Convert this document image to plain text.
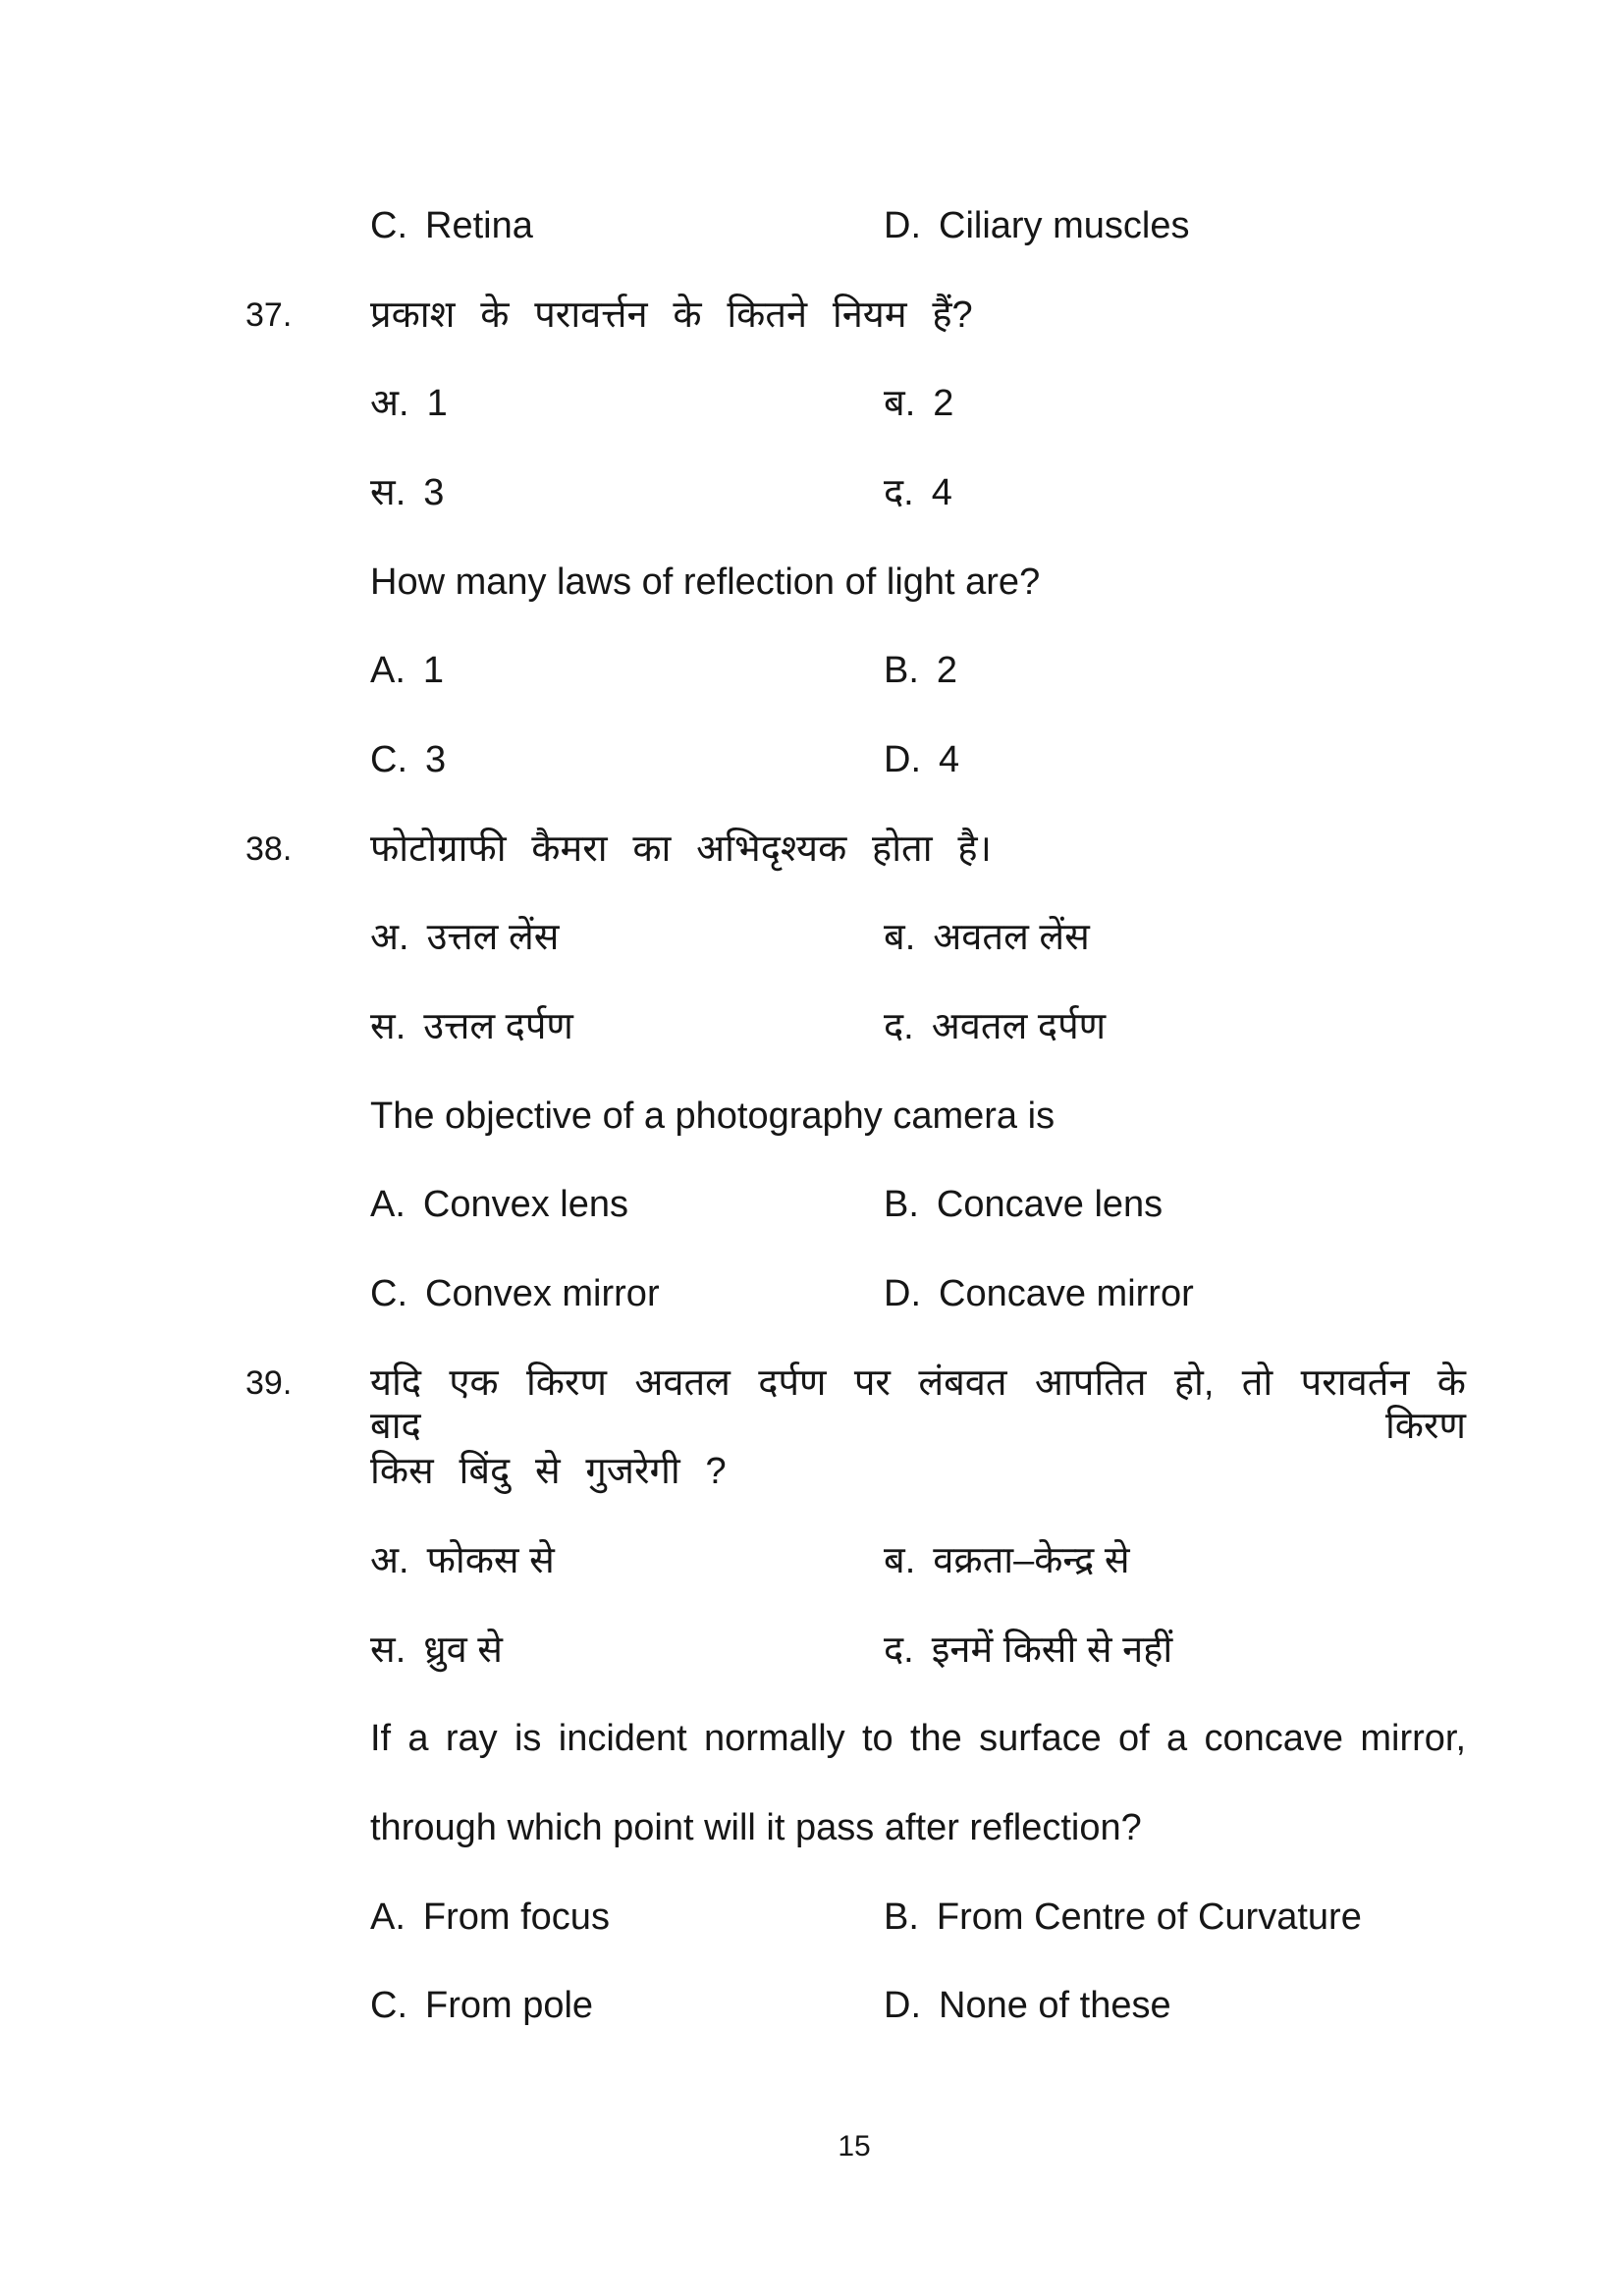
C. Retina	D. Ciliary muscles
37. प्रकाश के परावर्त्तन के कितने नियम हैं?
अ. 1	ब. 2
स. 3	द. 4
How many laws of reflection of light are?
A. 1	B. 2
C. 3	D. 4
38. फोटोग्राफी कैमरा का अभिदृश्यक होता है।
अ. उत्तल लेंस	ब. अवतल लेंस
स. उत्तल दर्पण	द. अवतल दर्पण
The objective of a photography camera is
A. Convex lens	B. Concave lens
C. Convex mirror	D. Concave mirror
39. यदि एक किरण अवतल दर्पण पर लंबवत आपतित हो, तो परावर्तन के बाद किरण
किस बिंदु से गुजरेगी ?
अ. फोकस से	ब. वक्रता–केन्द्र से
स. ध्रुव से	द. इनमें किसी से नहीं
If a ray is incident normally to the surface of a concave mirror,
through which point will it pass after reflection?
A. From focus	B. From Centre of Curvature
C. From pole	D. None of these
15
